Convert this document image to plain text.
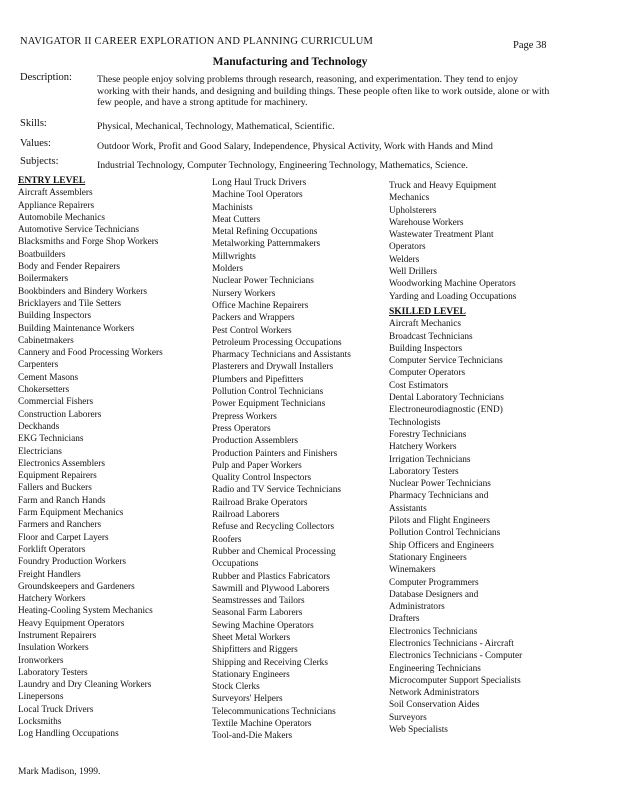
NAVIGATOR II CAREER EXPLORATION AND PLANNING CURRICULUM	Page 38
Manufacturing and Technology
Description:	These people enjoy solving problems through research, reasoning, and experimentation. They tend to enjoy working with their hands, and designing and building things. These people often like to work outside, alone or with few people, and have a strong aptitude for machinery.
Skills:	Physical, Mechanical, Technology, Mathematical, Scientific.
Values:	Outdoor Work, Profit and Good Salary, Independence, Physical Activity, Work with Hands and Mind
Subjects:	Industrial Technology, Computer Technology, Engineering Technology, Mathematics, Science.
ENTRY LEVEL
Aircraft Assemblers
Appliance Repairers
Automobile Mechanics
Automotive Service Technicians
Blacksmiths and Forge Shop Workers
Boatbuilders
Body and Fender Repairers
Boilermakers
Bookbinders and Bindery Workers
Bricklayers and Tile Setters
Building Inspectors
Building Maintenance Workers
Cabinetmakers
Cannery and Food Processing Workers
Carpenters
Cement Masons
Chokersetters
Commercial Fishers
Construction Laborers
Deckhands
EKG Technicians
Electricians
Electronics Assemblers
Equipment Repairers
Fallers and Buckers
Farm and Ranch Hands
Farm Equipment Mechanics
Farmers and Ranchers
Floor and Carpet Layers
Forklift Operators
Foundry Production Workers
Freight Handlers
Groundskeepers and Gardeners
Hatchery Workers
Heating-Cooling System Mechanics
Heavy Equipment Operators
Instrument Repairers
Insulation Workers
Ironworkers
Laboratory Testers
Laundry and Dry Cleaning Workers
Linepersons
Local Truck Drivers
Locksmiths
Log Handling Occupations
Long Haul Truck Drivers
Machine Tool Operators
Machinists
Meat Cutters
Metal Refining Occupations
Metalworking Patternmakers
Millwrights
Molders
Nuclear Power Technicians
Nursery Workers
Office Machine Repairers
Packers and Wrappers
Pest Control Workers
Petroleum Processing Occupations
Pharmacy Technicians and Assistants
Plasterers and Drywall Installers
Plumbers and Pipefitters
Pollution Control Technicians
Power Equipment Technicians
Prepress Workers
Press Operators
Production Assemblers
Production Painters and Finishers
Pulp and Paper Workers
Quality Control Inspectors
Radio and TV Service Technicians
Railroad Brake Operators
Railroad Laborers
Refuse and Recycling Collectors
Roofers
Rubber and Chemical Processing
Occupations
Rubber and Plastics Fabricators
Sawmill and Plywood Laborers
Seamstresses and Tailors
Seasonal Farm Laborers
Sewing Machine Operators
Sheet Metal Workers
Shipfitters and Riggers
Shipping and Receiving Clerks
Stationary Engineers
Stock Clerks
Surveyors' Helpers
Telecommunications Technicians
Textile Machine Operators
Tool-and-Die Makers
Truck and Heavy Equipment
Mechanics
Upholsterers
Warehouse Workers
Wastewater Treatment Plant
Operators
Welders
Well Drillers
Woodworking Machine Operators
Yarding and Loading Occupations
SKILLED LEVEL
Aircraft Mechanics
Broadcast Technicians
Building Inspectors
Computer Service Technicians
Computer Operators
Cost Estimators
Dental Laboratory Technicians
Electroneurodiagnostic (END)
Technologists
Forestry Technicians
Hatchery Workers
Irrigation Technicians
Laboratory Testers
Nuclear Power Technicians
Pharmacy Technicians and
Assistants
Pilots and Flight Engineers
Pollution Control Technicians
Ship Officers and Engineers
Stationary Engineers
Winemakers
Computer Programmers
Database Designers and
Administrators
Drafters
Electronics Technicians
Electronics Technicians - Aircraft
Electronics Technicians - Computer
Engineering Technicians
Microcomputer Support Specialists
Network Administrators
Soil Conservation Aides
Surveyors
Web Specialists
Mark Madison, 1999.
